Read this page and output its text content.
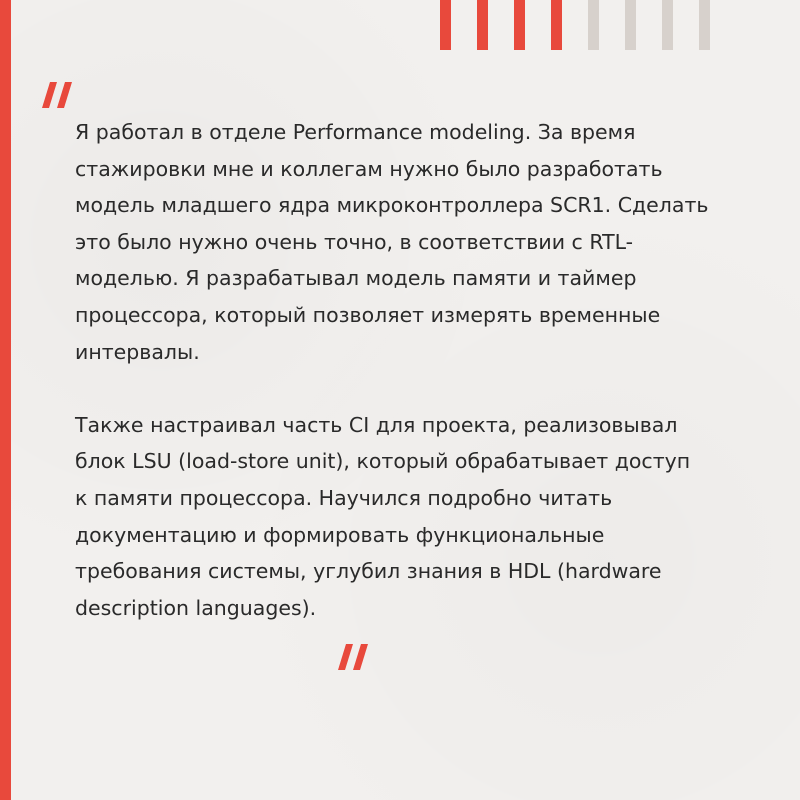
Я работал в отделе Performance modeling. За время
стажировки мне и коллегам нужно было разработать
модель младшего ядра микроконтроллера SCR1. Сделать
это было нужно очень точно, в соответствии с RTL-
моделью. Я разрабатывал модель памяти и таймер
процессора, который позволяет измерять временные
интервалы.
Также настраивал часть CI для проекта, реализовывал
блок LSU (load-store unit), который обрабатывает доступ
к памяти процессора. Научился подробно читать
документацию и формировать функциональные
требования системы, углубил знания в HDL (hardware
description languages).
